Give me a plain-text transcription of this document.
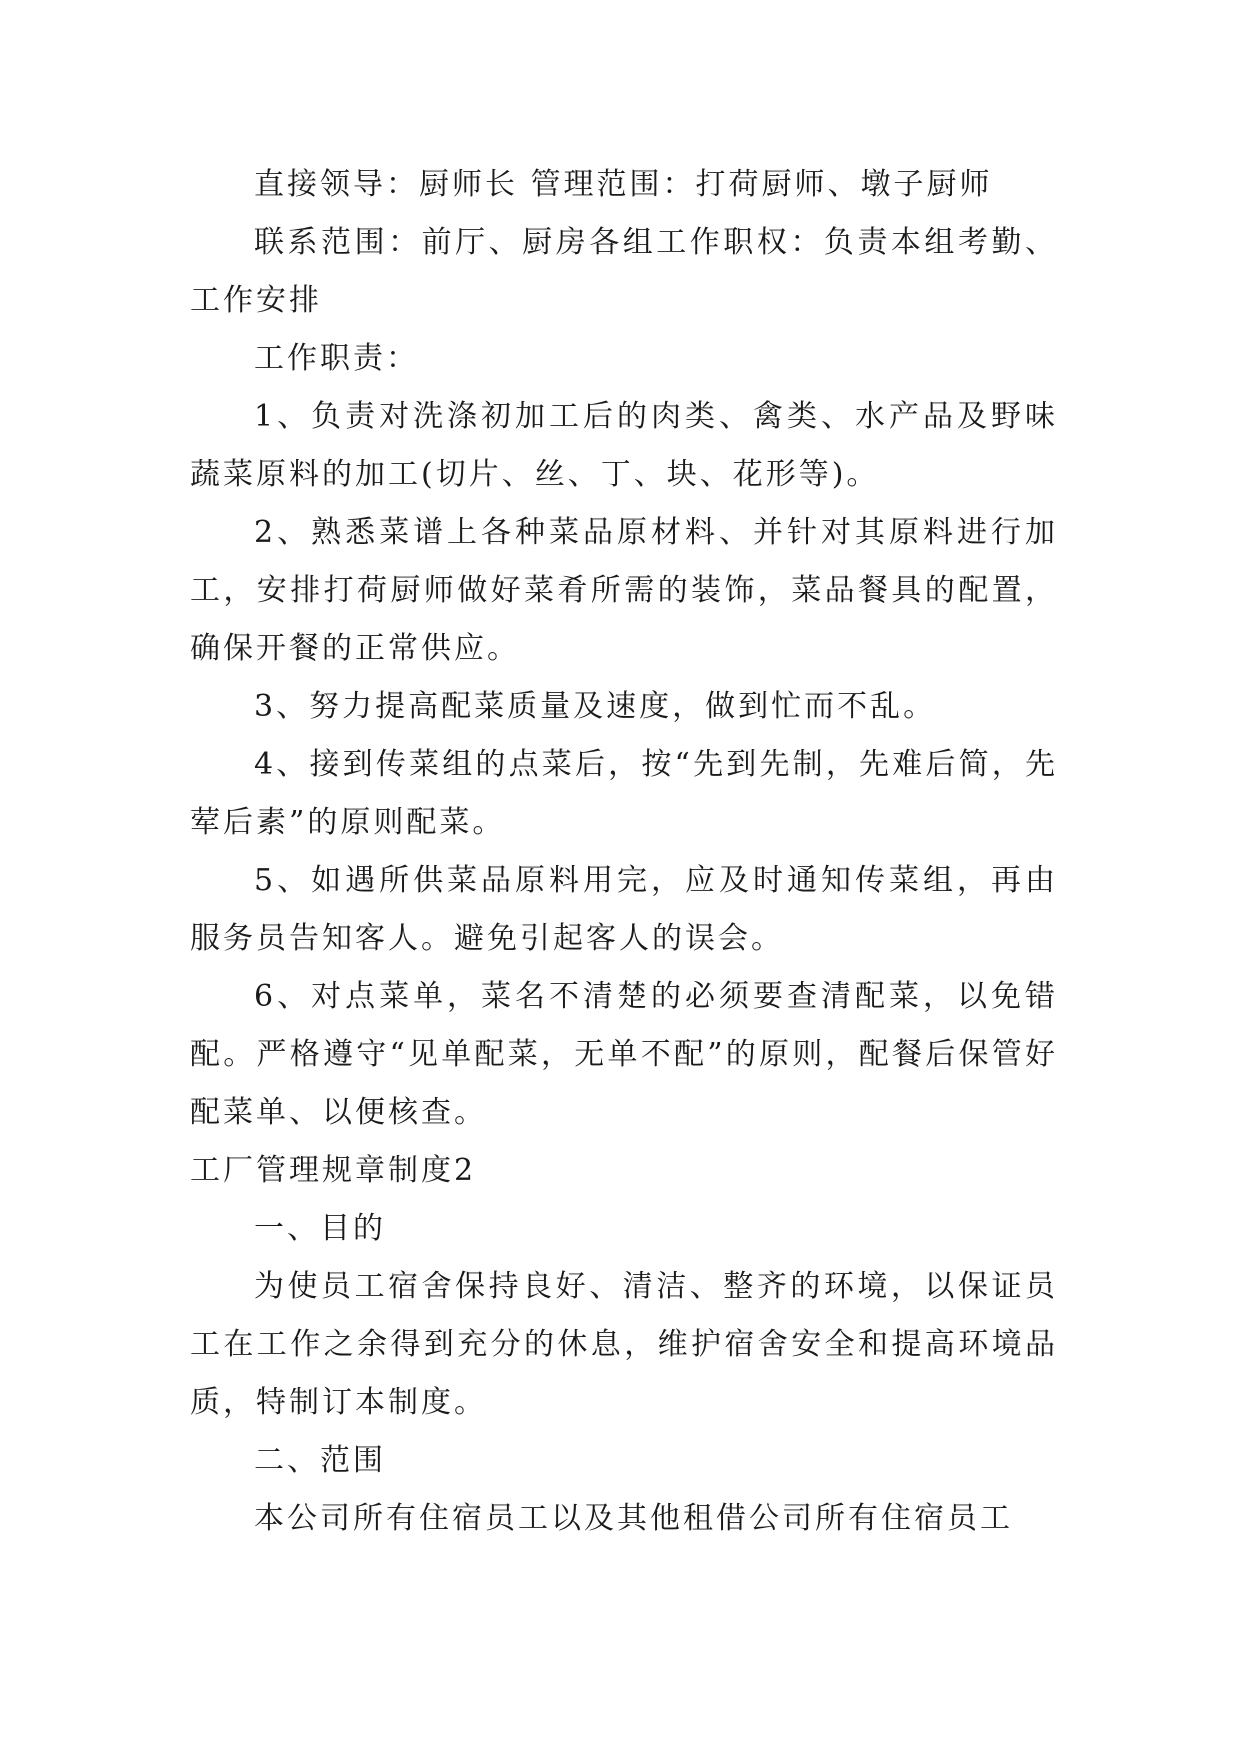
直接领导：厨师长 管理范围：打荷厨师、墩子厨师

联系范围：前厅、厨房各组工作职权：负责本组考勤、工作安排

工作职责：

1、负责对洗涤初加工后的肉类、禽类、水产品及野味蔬菜原料的加工(切片、丝、丁、块、花形等)。

2、熟悉菜谱上各种菜品原材料、并针对其原料进行加工，安排打荷厨师做好菜肴所需的装饰，菜品餐具的配置，确保开餐的正常供应。

3、努力提高配菜质量及速度，做到忙而不乱。

4、接到传菜组的点菜后，按“先到先制，先难后简，先荤后素”的原则配菜。

5、如遇所供菜品原料用完，应及时通知传菜组，再由服务员告知客人。避免引起客人的误会。

6、对点菜单，菜名不清楚的必须要查清配菜，以免错配。严格遵守“见单配菜，无单不配”的原则，配餐后保管好配菜单、以便核查。

工厂管理规章制度2

一、目的

为使员工宿舍保持良好、清洁、整齐的环境，以保证员工在工作之余得到充分的休息，维护宿舍安全和提高环境品质，特制订本制度。

二、范围

本公司所有住宿员工以及其他租借公司所有住宿员工
